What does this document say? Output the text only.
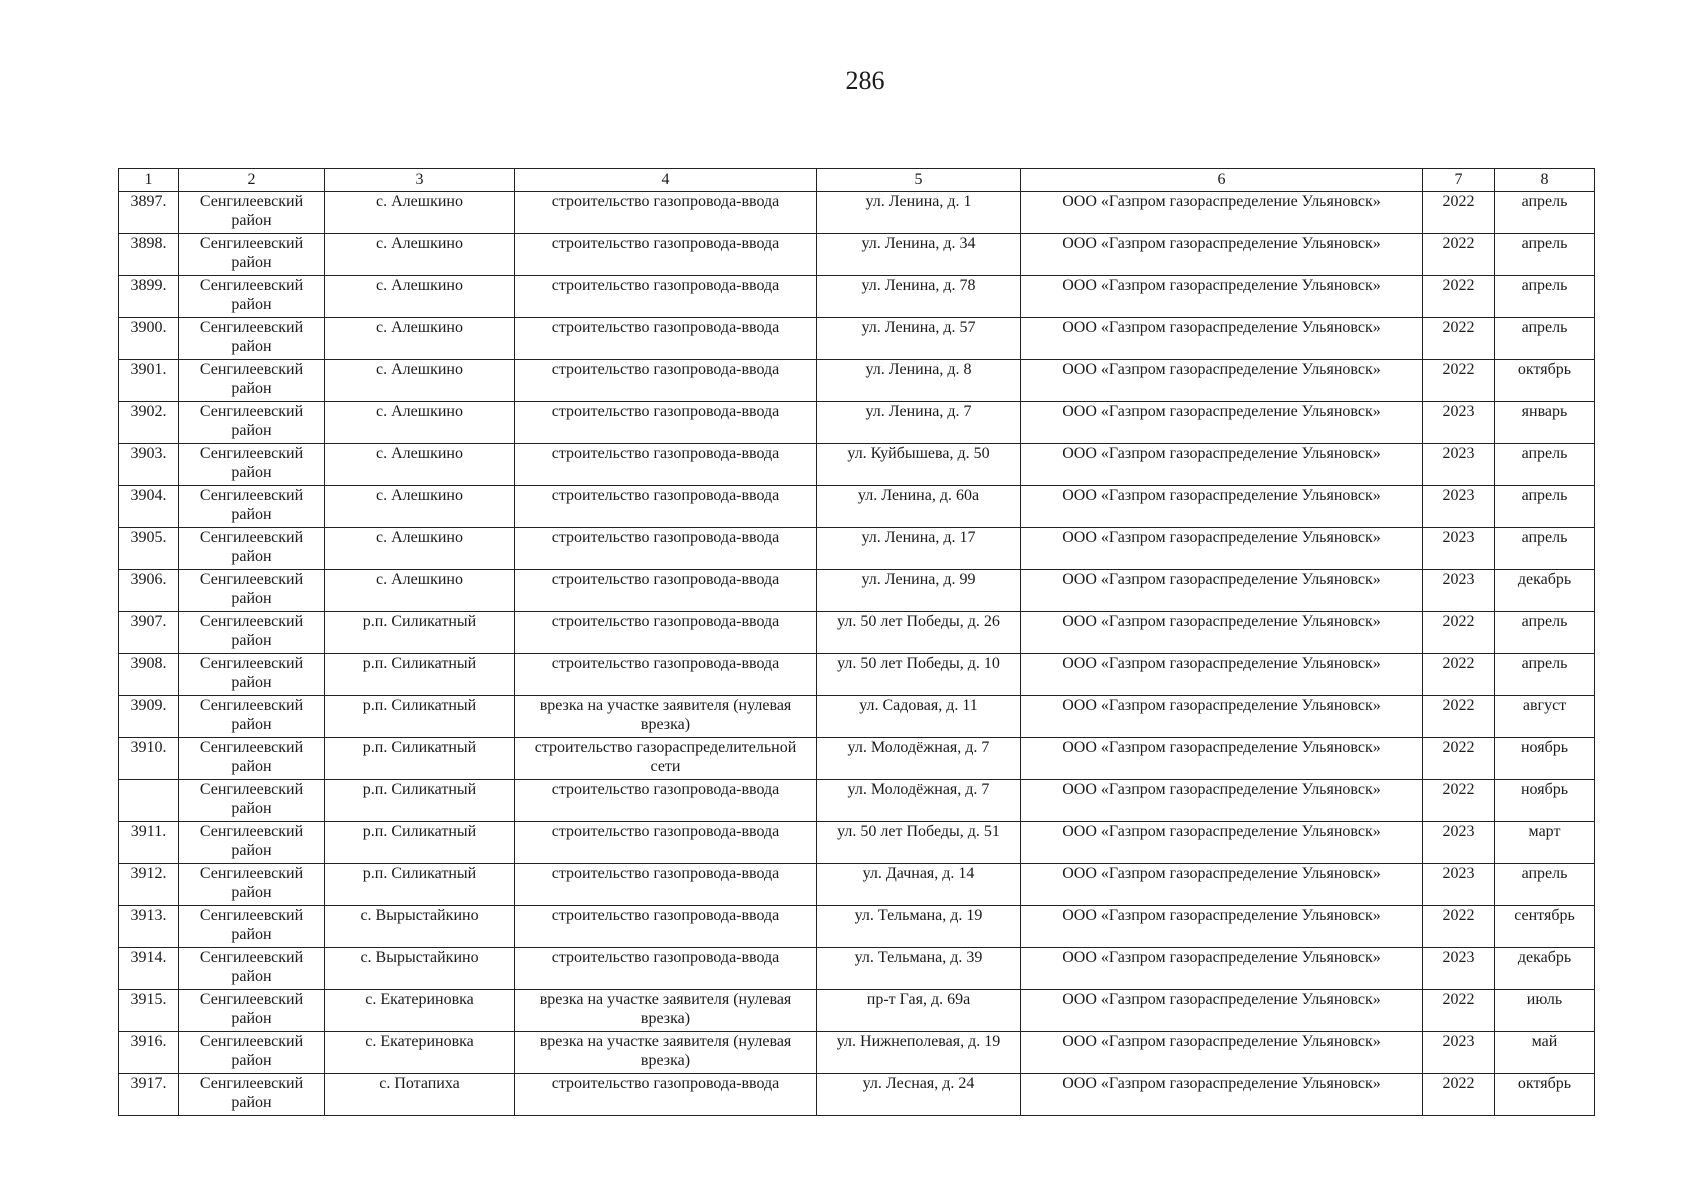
286
1	2	3	4	5	6	7	8
3897.	Сенгилеевский район	с. Алешкино	строительство газопровода-ввода	ул. Ленина, д. 1	ООО «Газпром газораспределение Ульяновск»	2022	апрель
3898.	Сенгилеевский район	с. Алешкино	строительство газопровода-ввода	ул. Ленина, д. 34	ООО «Газпром газораспределение Ульяновск»	2022	апрель
3899.	Сенгилеевский район	с. Алешкино	строительство газопровода-ввода	ул. Ленина, д. 78	ООО «Газпром газораспределение Ульяновск»	2022	апрель
3900.	Сенгилеевский район	с. Алешкино	строительство газопровода-ввода	ул. Ленина, д. 57	ООО «Газпром газораспределение Ульяновск»	2022	апрель
3901.	Сенгилеевский район	с. Алешкино	строительство газопровода-ввода	ул. Ленина, д. 8	ООО «Газпром газораспределение Ульяновск»	2022	октябрь
3902.	Сенгилеевский район	с. Алешкино	строительство газопровода-ввода	ул. Ленина, д. 7	ООО «Газпром газораспределение Ульяновск»	2023	январь
3903.	Сенгилеевский район	с. Алешкино	строительство газопровода-ввода	ул. Куйбышева, д. 50	ООО «Газпром газораспределение Ульяновск»	2023	апрель
3904.	Сенгилеевский район	с. Алешкино	строительство газопровода-ввода	ул. Ленина, д. 60а	ООО «Газпром газораспределение Ульяновск»	2023	апрель
3905.	Сенгилеевский район	с. Алешкино	строительство газопровода-ввода	ул. Ленина, д. 17	ООО «Газпром газораспределение Ульяновск»	2023	апрель
3906.	Сенгилеевский район	с. Алешкино	строительство газопровода-ввода	ул. Ленина, д. 99	ООО «Газпром газораспределение Ульяновск»	2023	декабрь
3907.	Сенгилеевский район	р.п. Силикатный	строительство газопровода-ввода	ул. 50 лет Победы, д. 26	ООО «Газпром газораспределение Ульяновск»	2022	апрель
3908.	Сенгилеевский район	р.п. Силикатный	строительство газопровода-ввода	ул. 50 лет Победы, д. 10	ООО «Газпром газораспределение Ульяновск»	2022	апрель
3909.	Сенгилеевский район	р.п. Силикатный	врезка на участке заявителя (нулевая врезка)	ул. Садовая, д. 11	ООО «Газпром газораспределение Ульяновск»	2022	август
3910.	Сенгилеевский район	р.п. Силикатный	строительство газораспределительной сети	ул. Молодёжная, д. 7	ООО «Газпром газораспределение Ульяновск»	2022	ноябрь
	Сенгилеевский район	р.п. Силикатный	строительство газопровода-ввода	ул. Молодёжная, д. 7	ООО «Газпром газораспределение Ульяновск»	2022	ноябрь
3911.	Сенгилеевский район	р.п. Силикатный	строительство газопровода-ввода	ул. 50 лет Победы, д. 51	ООО «Газпром газораспределение Ульяновск»	2023	март
3912.	Сенгилеевский район	р.п. Силикатный	строительство газопровода-ввода	ул. Дачная, д. 14	ООО «Газпром газораспределение Ульяновск»	2023	апрель
3913.	Сенгилеевский район	с. Вырыстайкино	строительство газопровода-ввода	ул. Тельмана, д. 19	ООО «Газпром газораспределение Ульяновск»	2022	сентябрь
3914.	Сенгилеевский район	с. Вырыстайкино	строительство газопровода-ввода	ул. Тельмана, д. 39	ООО «Газпром газораспределение Ульяновск»	2023	декабрь
3915.	Сенгилеевский район	с. Екатериновка	врезка на участке заявителя (нулевая врезка)	пр-т Гая, д. 69а	ООО «Газпром газораспределение Ульяновск»	2022	июль
3916.	Сенгилеевский район	с. Екатериновка	врезка на участке заявителя (нулевая врезка)	ул. Нижнеполевая, д. 19	ООО «Газпром газораспределение Ульяновск»	2023	май
3917.	Сенгилеевский район	с. Потапиха	строительство газопровода-ввода	ул. Лесная, д. 24	ООО «Газпром газораспределение Ульяновск»	2022	октябрь
